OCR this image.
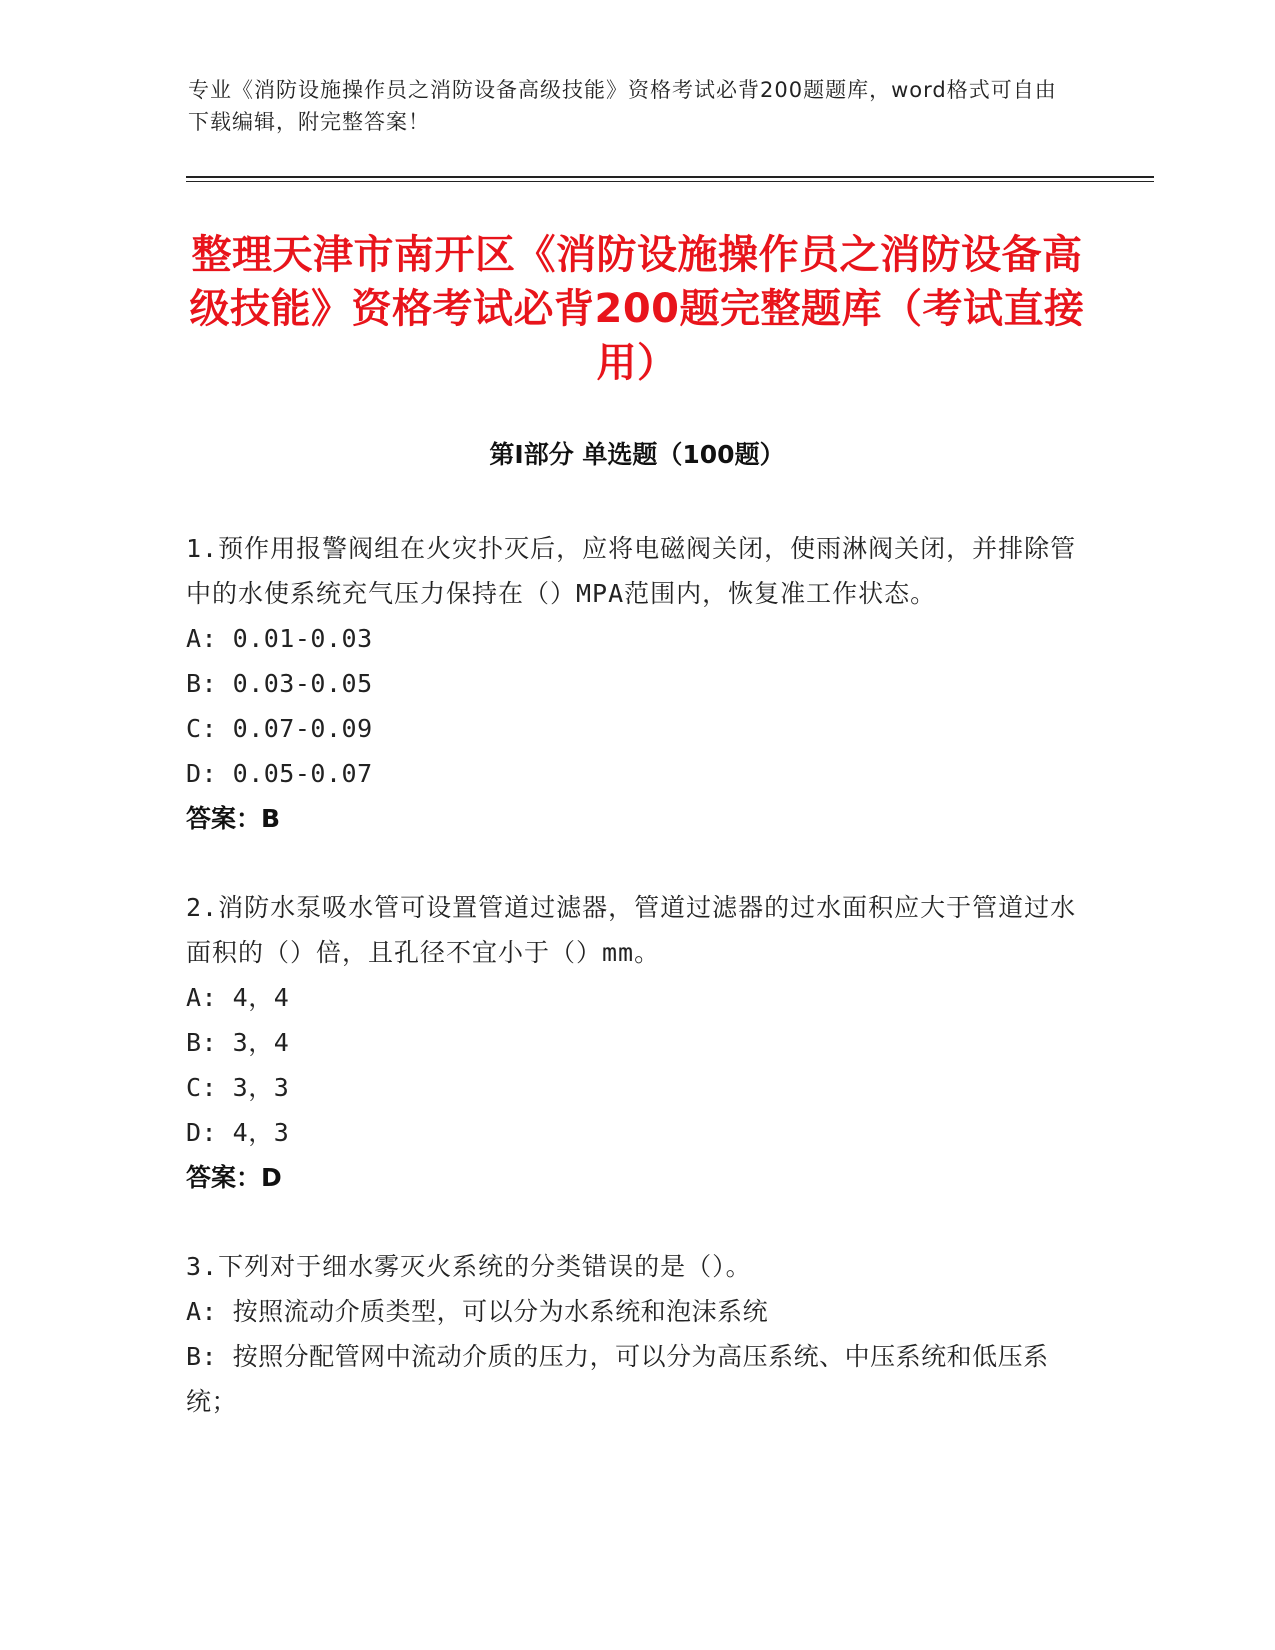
专业《消防设施操作员之消防设备高级技能》资格考试必背200题题库，word格式可自由下载编辑，附完整答案！
整理天津市南开区《消防设施操作员之消防设备高级技能》资格考试必背200题完整题库（考试直接用）
第I部分 单选题（100题）
1.预作用报警阀组在火灾扑灭后，应将电磁阀关闭，使雨淋阀关闭，并排除管中的水使系统充气压力保持在（）MPA范围内，恢复准工作状态。
A: 0.01-0.03
B: 0.03-0.05
C: 0.07-0.09
D: 0.05-0.07
答案：B
2.消防水泵吸水管可设置管道过滤器，管道过滤器的过水面积应大于管道过水面积的（）倍，且孔径不宜小于（）mm。
A: 4，4
B: 3，4
C: 3，3
D: 4，3
答案：D
3.下列对于细水雾灭火系统的分类错误的是（）。
A: 按照流动介质类型，可以分为水系统和泡沫系统
B: 按照分配管网中流动介质的压力，可以分为高压系统、中压系统和低压系统；
